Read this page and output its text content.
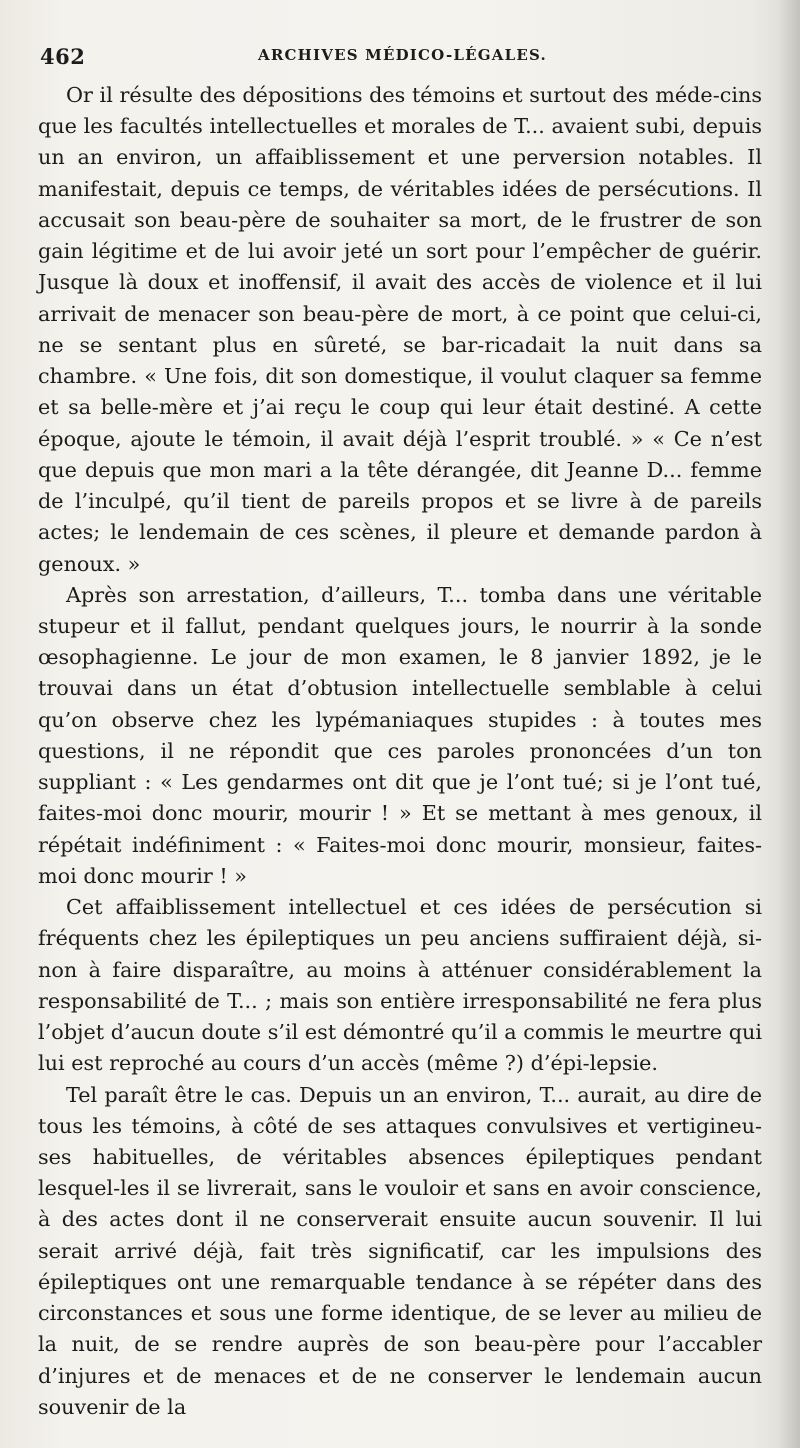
462	ARCHIVES MÉDICO-LÉGALES.

Or il résulte des dépositions des témoins et surtout des méde-cins que les facultés intellectuelles et morales de T... avaient subi, depuis un an environ, un affaiblissement et une perversion notables. Il manifestait, depuis ce temps, de véritables idées de persécutions. Il accusait son beau-père de souhaiter sa mort, de le frustrer de son gain légitime et de lui avoir jeté un sort pour l’empêcher de guérir. Jusque là doux et inoffensif, il avait des accès de violence et il lui arrivait de menacer son beau-père de mort, à ce point que celui-ci, ne se sentant plus en sûreté, se bar-ricadait la nuit dans sa chambre. « Une fois, dit son domestique, il voulut claquer sa femme et sa belle-mère et j’ai reçu le coup qui leur était destiné. A cette époque, ajoute le témoin, il avait déjà l’esprit troublé. » « Ce n’est que depuis que mon mari a la tête dérangée, dit Jeanne D... femme de l’inculpé, qu’il tient de pareils propos et se livre à de pareils actes; le lendemain de ces scènes, il pleure et demande pardon à genoux. »

Après son arrestation, d’ailleurs, T... tomba dans une véritable stupeur et il fallut, pendant quelques jours, le nourrir à la sonde œsophagienne. Le jour de mon examen, le 8 janvier 1892, je le trouvai dans un état d’obtusion intellectuelle semblable à celui qu’on observe chez les lypémaniaques stupides : à toutes mes questions, il ne répondit que ces paroles prononcées d’un ton suppliant : « Les gendarmes ont dit que je l’ont tué; si je l’ont tué, faites-moi donc mourir, mourir ! » Et se mettant à mes genoux, il répétait indéfiniment : « Faites-moi donc mourir, monsieur, faites-moi donc mourir ! »

Cet affaiblissement intellectuel et ces idées de persécution si fréquents chez les épileptiques un peu anciens suffiraient déjà, si-non à faire disparaître, au moins à atténuer considérablement la responsabilité de T... ; mais son entière irresponsabilité ne fera plus l’objet d’aucun doute s’il est démontré qu’il a commis le meurtre qui lui est reproché au cours d’un accès (même ?) d’épi-lepsie.

Tel paraît être le cas. Depuis un an environ, T... aurait, au dire de tous les témoins, à côté de ses attaques convulsives et vertigineu-ses habituelles, de véritables absences épileptiques pendant lesquel-les il se livrerait, sans le vouloir et sans en avoir conscience, à des actes dont il ne conserverait ensuite aucun souvenir. Il lui serait arrivé déjà, fait très significatif, car les impulsions des épileptiques ont une remarquable tendance à se répéter dans des circonstances et sous une forme identique, de se lever au milieu de la nuit, de se rendre auprès de son beau-père pour l’accabler d’injures et de menaces et de ne conserver le lendemain aucun souvenir de la
